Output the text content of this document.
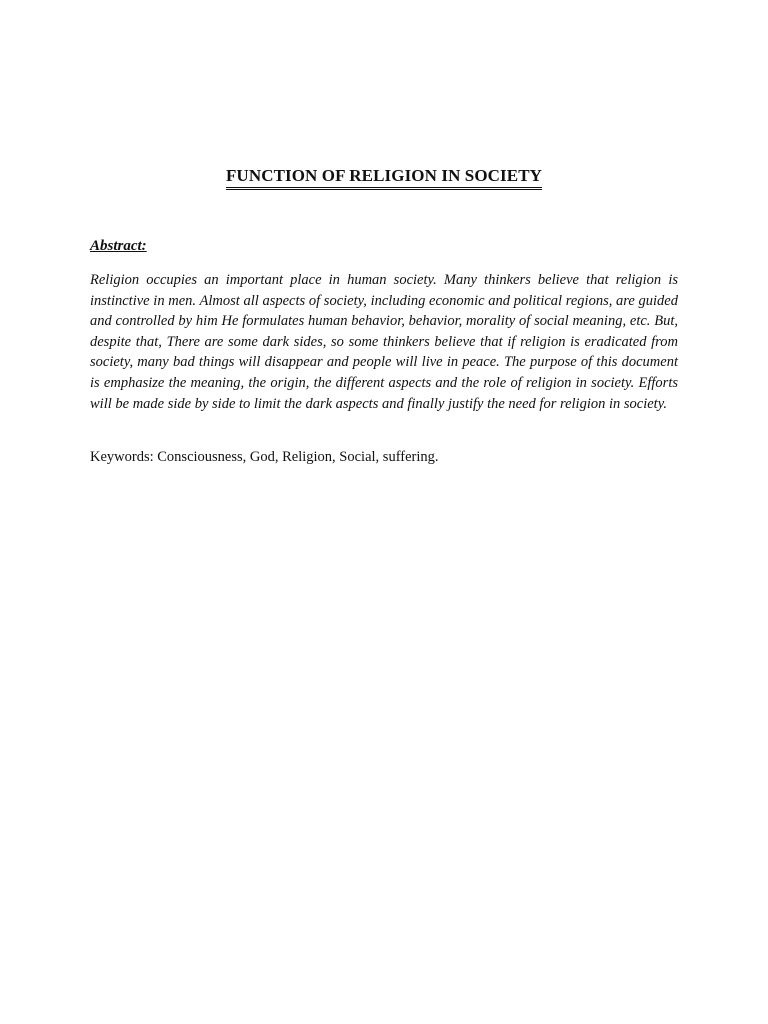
FUNCTION OF RELIGION IN SOCIETY
Abstract:

Religion occupies an important place in human society. Many thinkers believe that religion is instinctive in men. Almost all aspects of society, including economic and political regions, are guided and controlled by him He formulates human behavior, behavior, morality of social meaning, etc. But, despite that, There are some dark sides, so some thinkers believe that if religion is eradicated from society, many bad things will disappear and people will live in peace. The purpose of this document is emphasize the meaning, the origin, the different aspects and the role of religion in society. Efforts will be made side by side to limit the dark aspects and finally justify the need for religion in society.

Keywords: Consciousness, God, Religion, Social, suffering.
